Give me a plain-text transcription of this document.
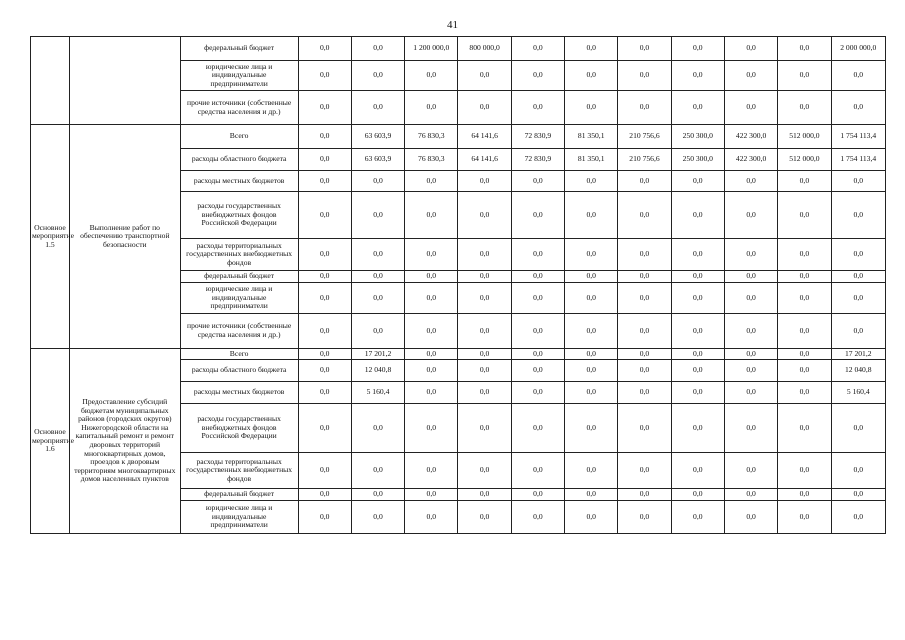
41
		федеральный бюджет	0,0	0,0	1 200 000,0	800 000,0	0,0	0,0	0,0	0,0	0,0	0,0	2 000 000,0
		юридические лица и индивидуальные предприниматели	0,0	0,0	0,0	0,0	0,0	0,0	0,0	0,0	0,0	0,0	0,0
		прочие источники (собственные средства населения и др.)	0,0	0,0	0,0	0,0	0,0	0,0	0,0	0,0	0,0	0,0	0,0
Основное мероприятие 1.5	Выполнение работ по обеспечению транспортной безопасности	Всего	0,0	63 603,9	76 830,3	64 141,6	72 830,9	81 350,1	210 756,6	250 300,0	422 300,0	512 000,0	1 754 113,4
		расходы областного бюджета	0,0	63 603,9	76 830,3	64 141,6	72 830,9	81 350,1	210 756,6	250 300,0	422 300,0	512 000,0	1 754 113,4
		расходы местных бюджетов	0,0	0,0	0,0	0,0	0,0	0,0	0,0	0,0	0,0	0,0	0,0
		расходы государственных внебюджетных фондов Российской Федерации	0,0	0,0	0,0	0,0	0,0	0,0	0,0	0,0	0,0	0,0	0,0
		расходы территориальных государственных внебюджетных фондов	0,0	0,0	0,0	0,0	0,0	0,0	0,0	0,0	0,0	0,0	0,0
		федеральный бюджет	0,0	0,0	0,0	0,0	0,0	0,0	0,0	0,0	0,0	0,0	0,0
		юридические лица и индивидуальные предприниматели	0,0	0,0	0,0	0,0	0,0	0,0	0,0	0,0	0,0	0,0	0,0
		прочие источники (собственные средства населения и др.)	0,0	0,0	0,0	0,0	0,0	0,0	0,0	0,0	0,0	0,0	0,0
Основное мероприятие 1.6	Предоставление субсидий бюджетам муниципальных районов (городских округов) Нижегородской области на капитальный ремонт и ремонт дворовых территорий многоквартирных домов, проездов к дворовым территориям многоквартирных домов населенных пунктов	Всего	0,0	17 201,2	0,0	0,0	0,0	0,0	0,0	0,0	0,0	0,0	17 201,2
		расходы областного бюджета	0,0	12 040,8	0,0	0,0	0,0	0,0	0,0	0,0	0,0	0,0	12 040,8
		расходы местных бюджетов	0,0	5 160,4	0,0	0,0	0,0	0,0	0,0	0,0	0,0	0,0	5 160,4
		расходы государственных внебюджетных фондов Российской Федерации	0,0	0,0	0,0	0,0	0,0	0,0	0,0	0,0	0,0	0,0	0,0
		расходы территориальных государственных внебюджетных фондов	0,0	0,0	0,0	0,0	0,0	0,0	0,0	0,0	0,0	0,0	0,0
		федеральный бюджет	0,0	0,0	0,0	0,0	0,0	0,0	0,0	0,0	0,0	0,0	0,0
		юридические лица и индивидуальные предприниматели	0,0	0,0	0,0	0,0	0,0	0,0	0,0	0,0	0,0	0,0	0,0
